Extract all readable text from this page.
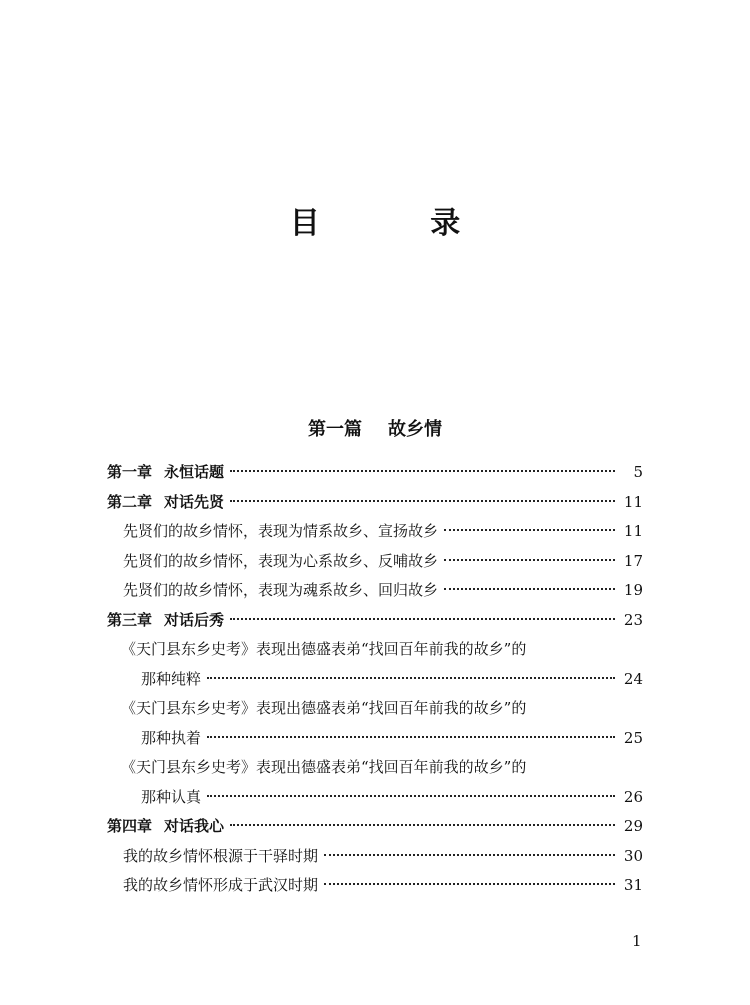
目 录
第一篇 故乡情
第一章 永恒话题	5
第二章 对话先贤	11
先贤们的故乡情怀，表现为情系故乡、宣扬故乡	11
先贤们的故乡情怀，表现为心系故乡、反哺故乡	17
先贤们的故乡情怀，表现为魂系故乡、回归故乡	19
第三章 对话后秀	23
《天门县东乡史考》表现出德盛表弟“找回百年前我的故乡”的
那种纯粹	24
《天门县东乡史考》表现出德盛表弟“找回百年前我的故乡”的
那种执着	25
《天门县东乡史考》表现出德盛表弟“找回百年前我的故乡”的
那种认真	26
第四章 对话我心	29
我的故乡情怀根源于干驿时期	30
我的故乡情怀形成于武汉时期	31
1
